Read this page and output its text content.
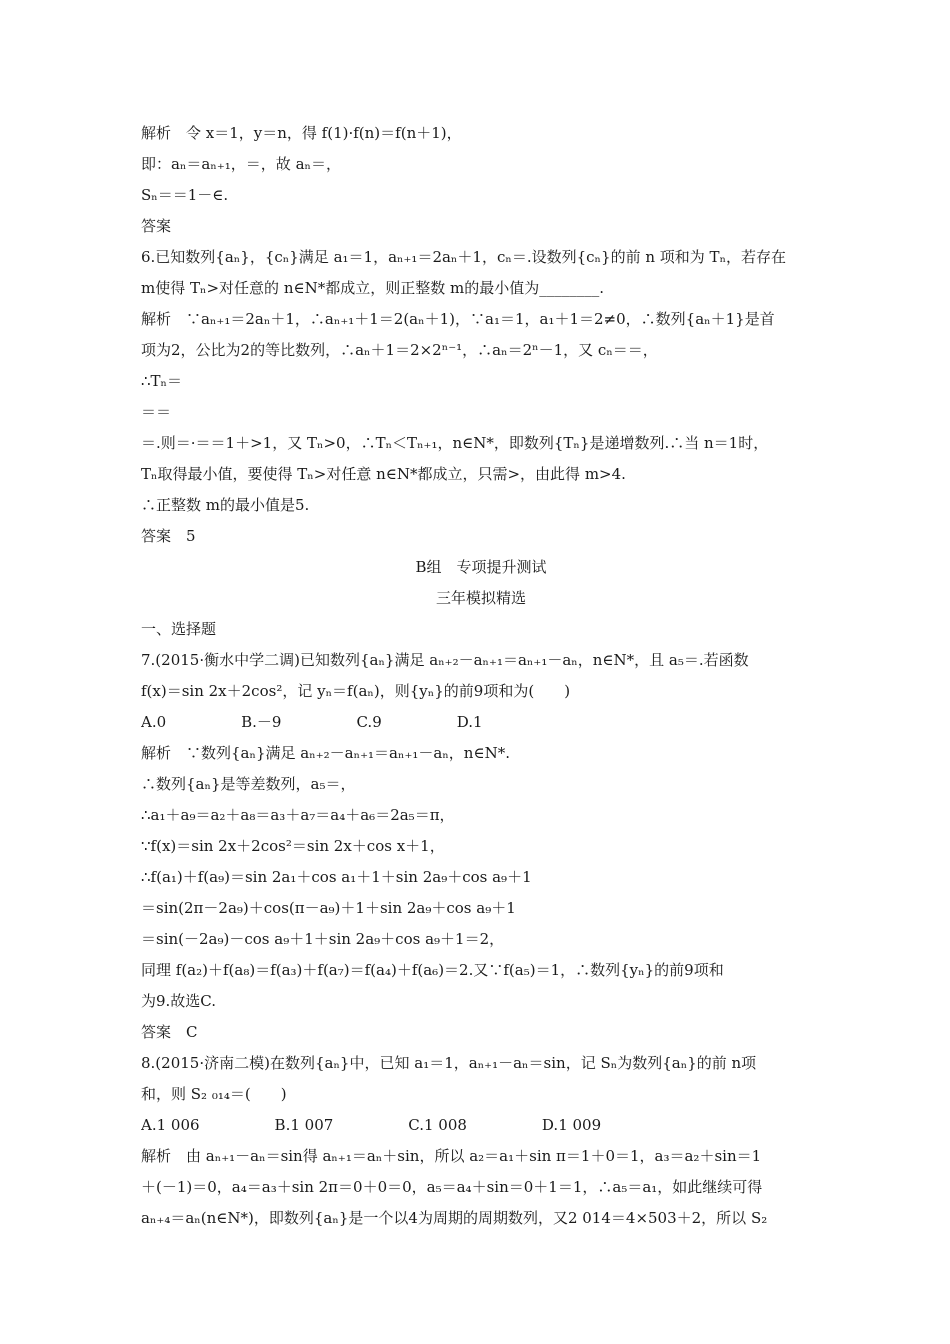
解析　令 x＝1，y＝n，得 f(1)·f(n)＝f(n＋1)，
即：aₙ＝aₙ₊₁，＝，故 aₙ＝，
Sₙ＝＝1－∈.
答案
6.已知数列{aₙ}，{cₙ}满足 a₁＝1，aₙ₊₁＝2aₙ＋1，cₙ＝.设数列{cₙ}的前 n 项和为 Tₙ，若存在
m使得 Tₙ>对任意的 n∈N*都成立，则正整数 m的最小值为________.
解析　∵aₙ₊₁＝2aₙ＋1，∴aₙ₊₁＋1＝2(aₙ＋1)，∵a₁＝1，a₁＋1＝2≠0，∴数列{aₙ＋1}是首
项为2，公比为2的等比数列，∴aₙ＋1＝2×2ⁿ⁻¹，∴aₙ＝2ⁿ－1，又 cₙ＝＝，
∴Tₙ＝
＝＝
＝.则＝·＝＝1＋>1，又 Tₙ>0，∴Tₙ＜Tₙ₊₁，n∈N*，即数列{Tₙ}是递增数列.∴当 n＝1时，
Tₙ取得最小值，要使得 Tₙ>对任意 n∈N*都成立，只需>，由此得 m>4.
∴正整数 m的最小值是5.
答案　5
B组　专项提升测试
三年模拟精选
一、选择题
7.(2015·衡水中学二调)已知数列{aₙ}满足 aₙ₊₂－aₙ₊₁＝aₙ₊₁－aₙ，n∈N*，且 a₅＝.若函数
f(x)＝sin 2x＋2cos²，记 yₙ＝f(aₙ)，则{yₙ}的前9项和为(　　)
A.0　　　　　B.－9　　　　　C.9　　　　　D.1
解析　∵数列{aₙ}满足 aₙ₊₂－aₙ₊₁＝aₙ₊₁－aₙ，n∈N*.
∴数列{aₙ}是等差数列，a₅＝，
∴a₁＋a₉＝a₂＋a₈＝a₃＋a₇＝a₄＋a₆＝2a₅＝π，
∵f(x)＝sin 2x＋2cos²＝sin 2x＋cos x＋1，
∴f(a₁)＋f(a₉)＝sin 2a₁＋cos a₁＋1＋sin 2a₉＋cos a₉＋1
＝sin(2π－2a₉)＋cos(π－a₉)＋1＋sin 2a₉＋cos a₉＋1
＝sin(－2a₉)－cos a₉＋1＋sin 2a₉＋cos a₉＋1＝2，
同理 f(a₂)＋f(a₈)＝f(a₃)＋f(a₇)＝f(a₄)＋f(a₆)＝2.又∵f(a₅)＝1，∴数列{yₙ}的前9项和
为9.故选C.
答案　C
8.(2015·济南二模)在数列{aₙ}中，已知 a₁＝1，aₙ₊₁－aₙ＝sin，记 Sₙ为数列{aₙ}的前 n项
和，则 S₂ ₀₁₄＝(　　)
A.1 006　　　　　B.1 007　　　　　C.1 008　　　　　D.1 009
解析　由 aₙ₊₁－aₙ＝sin得 aₙ₊₁＝aₙ＋sin，所以 a₂＝a₁＋sin π＝1＋0＝1，a₃＝a₂＋sin＝1
＋(－1)＝0，a₄＝a₃＋sin 2π＝0＋0＝0，a₅＝a₄＋sin＝0＋1＝1，∴a₅＝a₁，如此继续可得
aₙ₊₄＝aₙ(n∈N*)，即数列{aₙ}是一个以4为周期的周期数列，又2 014＝4×503＋2，所以 S₂
